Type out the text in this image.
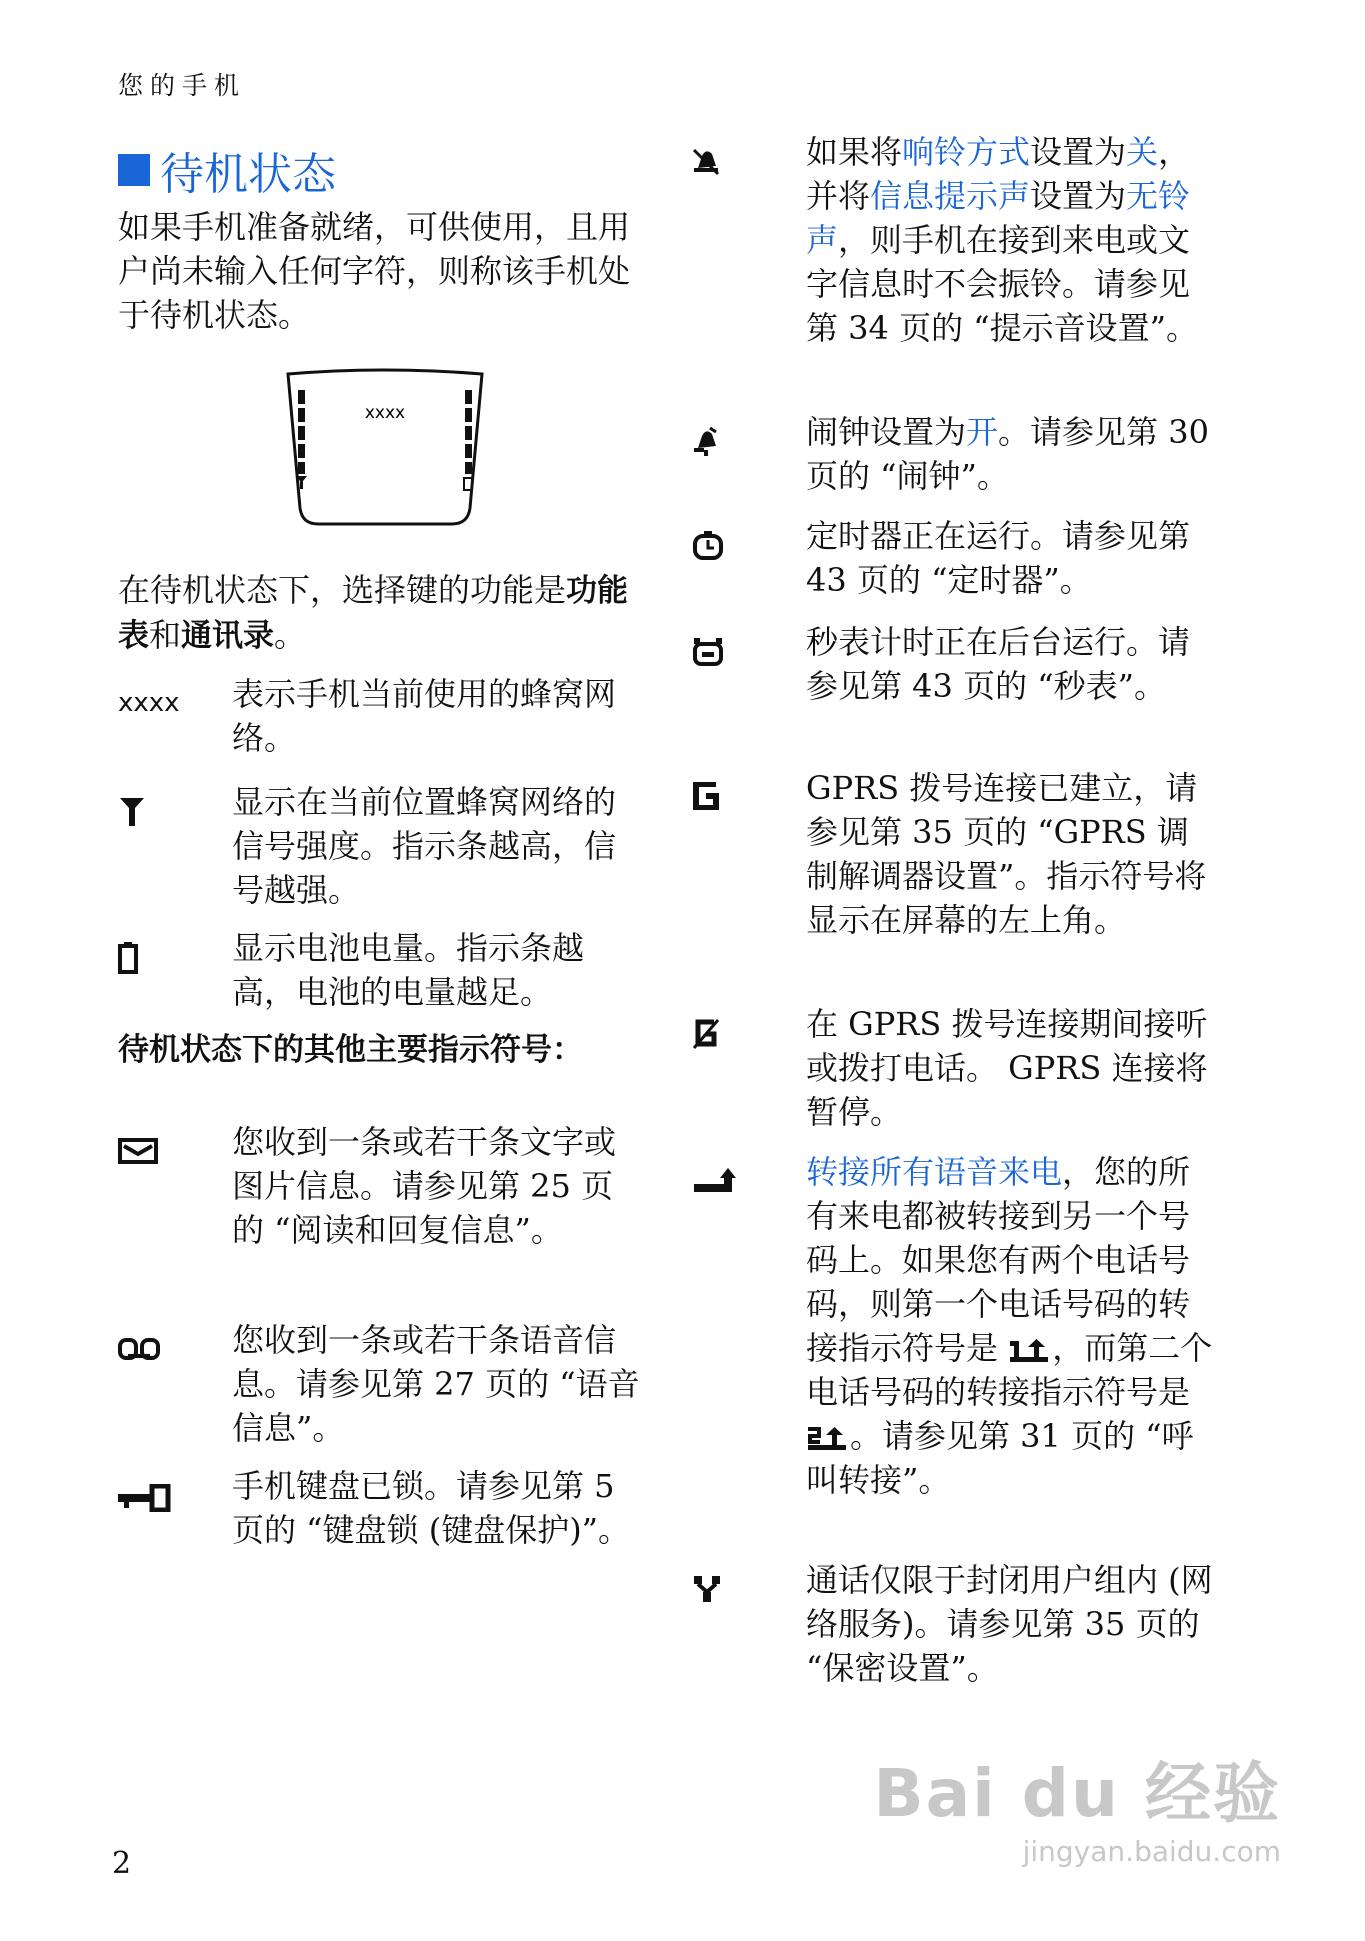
您的手机
待机状态
如果手机准备就绪，可供使用，且用户尚未输入任何字符，则称该手机处于待机状态。
xxxx
在待机状态下，选择键的功能是功能表和通讯录。
xxxx 表示手机当前使用的蜂窝网络。
显示在当前位置蜂窝网络的信号强度。指示条越高，信号越强。
显示电池电量。指示条越高，电池的电量越足。
待机状态下的其他主要指示符号：
您收到一条或若干条文字或图片信息。请参见第 25 页的 “阅读和回复信息”。
您收到一条或若干条语音信息。请参见第 27 页的 “语音信息”。
手机键盘已锁。请参见第 5 页的 “键盘锁 (键盘保护)”。
如果将响铃方式设置为关，并将信息提示声设置为无铃声，则手机在接到来电或文字信息时不会振铃。请参见第 34 页的 “提示音设置”。
闹钟设置为开。请参见第 30 页的 “闹钟”。
定时器正在运行。请参见第 43 页的 “定时器”。
秒表计时正在后台运行。请参见第 43 页的 “秒表”。
GPRS 拨号连接已建立，请参见第 35 页的 “GPRS 调制解调器设置”。指示符号将显示在屏幕的左上角。
在 GPRS 拨号连接期间接听或拨打电话。 GPRS 连接将暂停。
转接所有语音来电，您的所有来电都被转接到另一个号码上。如果您有两个电话号码，则第一个电话号码的转接指示符号是 ，而第二个电话号码的转接指示符号是 。请参见第 31 页的 “呼叫转接”。
通话仅限于封闭用户组内 (网络服务)。请参见第 35 页的 “保密设置”。
2
Bai du 经验
jingyan.baidu.com
